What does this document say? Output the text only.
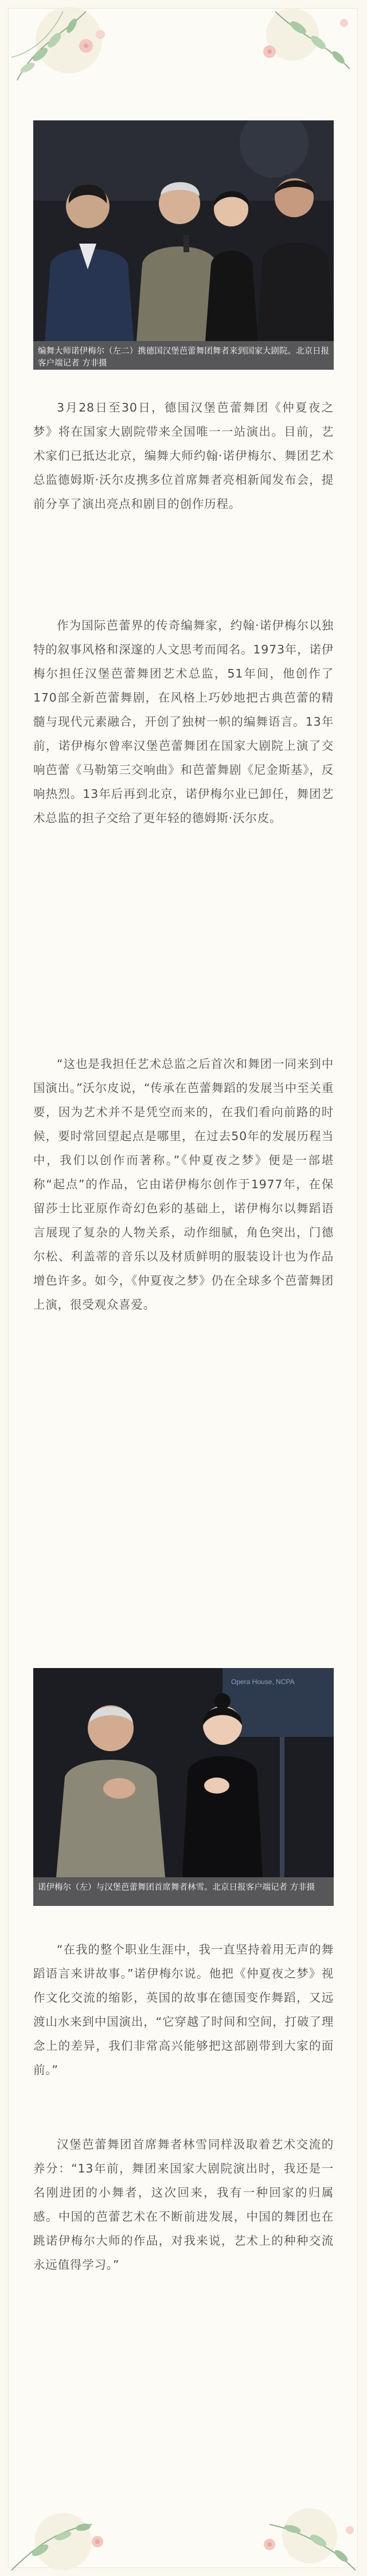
编舞大师诺伊梅尔（左二）携德国汉堡芭蕾舞团舞者来到国家大剧院。北京日报客户端记者 方非摄

3月28日至30日，德国汉堡芭蕾舞团《仲夏夜之梦》将在国家大剧院带来全国唯一一站演出。目前，艺术家们已抵达北京，编舞大师约翰·诺伊梅尔、舞团艺术总监德姆斯·沃尔皮携多位首席舞者亮相新闻发布会，提前分享了演出亮点和剧目的创作历程。

作为国际芭蕾界的传奇编舞家，约翰·诺伊梅尔以独特的叙事风格和深邃的人文思考而闻名。1973年，诺伊梅尔担任汉堡芭蕾舞团艺术总监，51年间，他创作了170部全新芭蕾舞剧，在风格上巧妙地把古典芭蕾的精髓与现代元素融合，开创了独树一帜的编舞语言。13年前，诺伊梅尔曾率汉堡芭蕾舞团在国家大剧院上演了交响芭蕾《马勒第三交响曲》和芭蕾舞剧《尼金斯基》，反响热烈。13年后再到北京，诺伊梅尔业已卸任，舞团艺术总监的担子交给了更年轻的德姆斯·沃尔皮。

“这也是我担任艺术总监之后首次和舞团一同来到中国演出。”沃尔皮说，“传承在芭蕾舞蹈的发展当中至关重要，因为艺术并不是凭空而来的，在我们看向前路的时候，要时常回望起点是哪里，在过去50年的发展历程当中，我们以创作而著称。”《仲夏夜之梦》便是一部堪称“起点”的作品，它由诺伊梅尔创作于1977年，在保留莎士比亚原作奇幻色彩的基础上，诺伊梅尔以舞蹈语言展现了复杂的人物关系，动作细腻，角色突出，门德尔松、利盖蒂的音乐以及材质鲜明的服装设计也为作品增色许多。如今，《仲夏夜之梦》仍在全球多个芭蕾舞团上演，很受观众喜爱。

Opera House, NCPA
诺伊梅尔（左）与汉堡芭蕾舞团首席舞者林雪。北京日报客户端记者 方非摄

“在我的整个职业生涯中，我一直坚持着用无声的舞蹈语言来讲故事。”诺伊梅尔说。他把《仲夏夜之梦》视作文化交流的缩影，英国的故事在德国变作舞蹈，又远渡山水来到中国演出，“它穿越了时间和空间，打破了理念上的差异，我们非常高兴能够把这部剧带到大家的面前。”

汉堡芭蕾舞团首席舞者林雪同样汲取着艺术交流的养分：“13年前，舞团来国家大剧院演出时，我还是一名刚进团的小舞者，这次回来，我有一种回家的归属感。中国的芭蕾艺术在不断前进发展，中国的舞团也在跳诺伊梅尔大师的作品，对我来说，艺术上的种种交流永远值得学习。”
